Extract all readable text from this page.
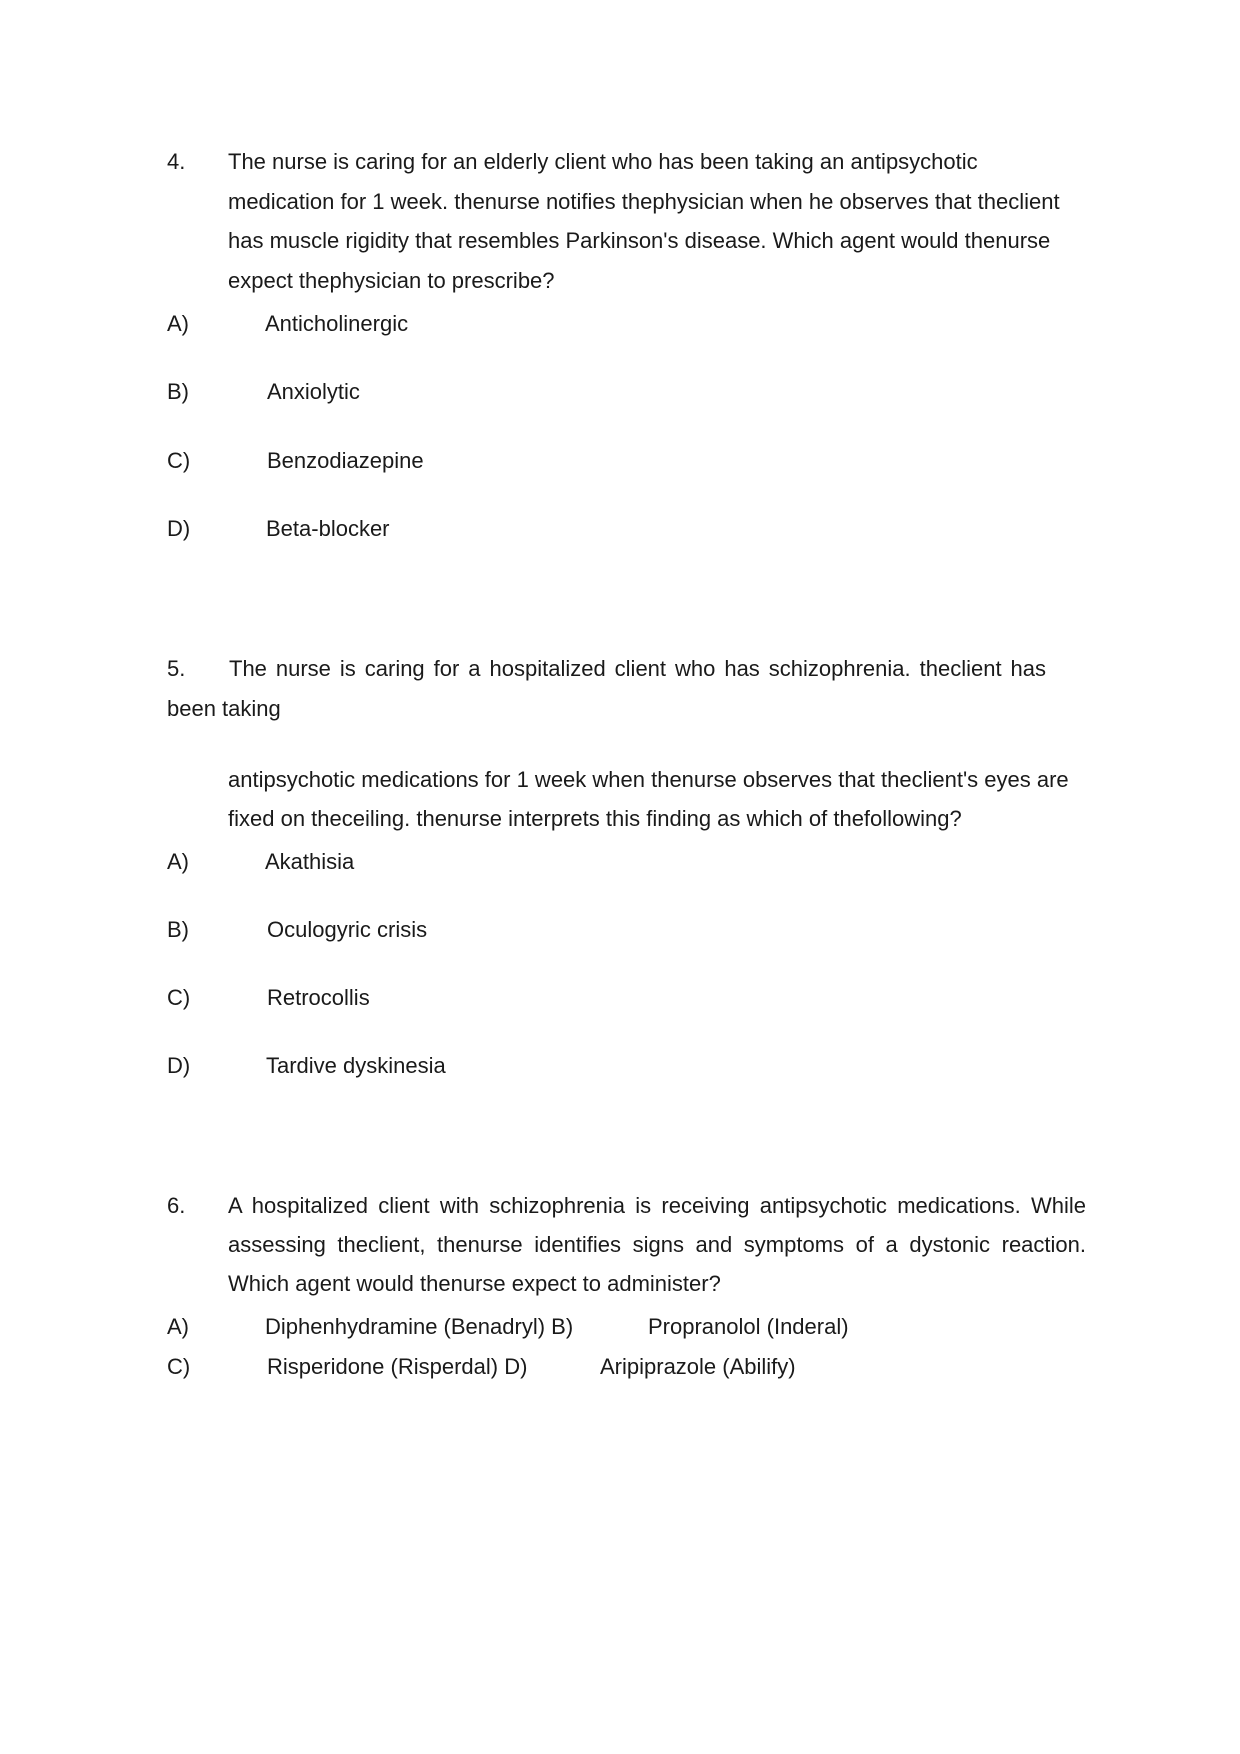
4. The nurse is caring for an elderly client who has been taking an antipsychotic
medication for 1 week. thenurse notifies thephysician when he observes that theclient
has muscle rigidity that resembles Parkinson's disease. Which agent would thenurse
expect thephysician to prescribe?
A)	Anticholinergic
B)	Anxiolytic
C)	Benzodiazepine
D)	Beta-blocker
5. The nurse is caring for a hospitalized client who has schizophrenia. theclient has
been taking
antipsychotic medications for 1 week when thenurse observes that theclient's eyes are
fixed on theceiling. thenurse interprets this finding as which of thefollowing?
A)	Akathisia
B)	Oculogyric crisis
C)	Retrocollis
D)	Tardive dyskinesia
6. A hospitalized client with schizophrenia is receiving antipsychotic medications. While
assessing theclient, thenurse identifies signs and symptoms of a dystonic reaction.
Which agent would thenurse expect to administer?
A)	Diphenhydramine (Benadryl) B)	Propranolol (Inderal)
C)	Risperidone (Risperdal) D)	Aripiprazole (Abilify)
